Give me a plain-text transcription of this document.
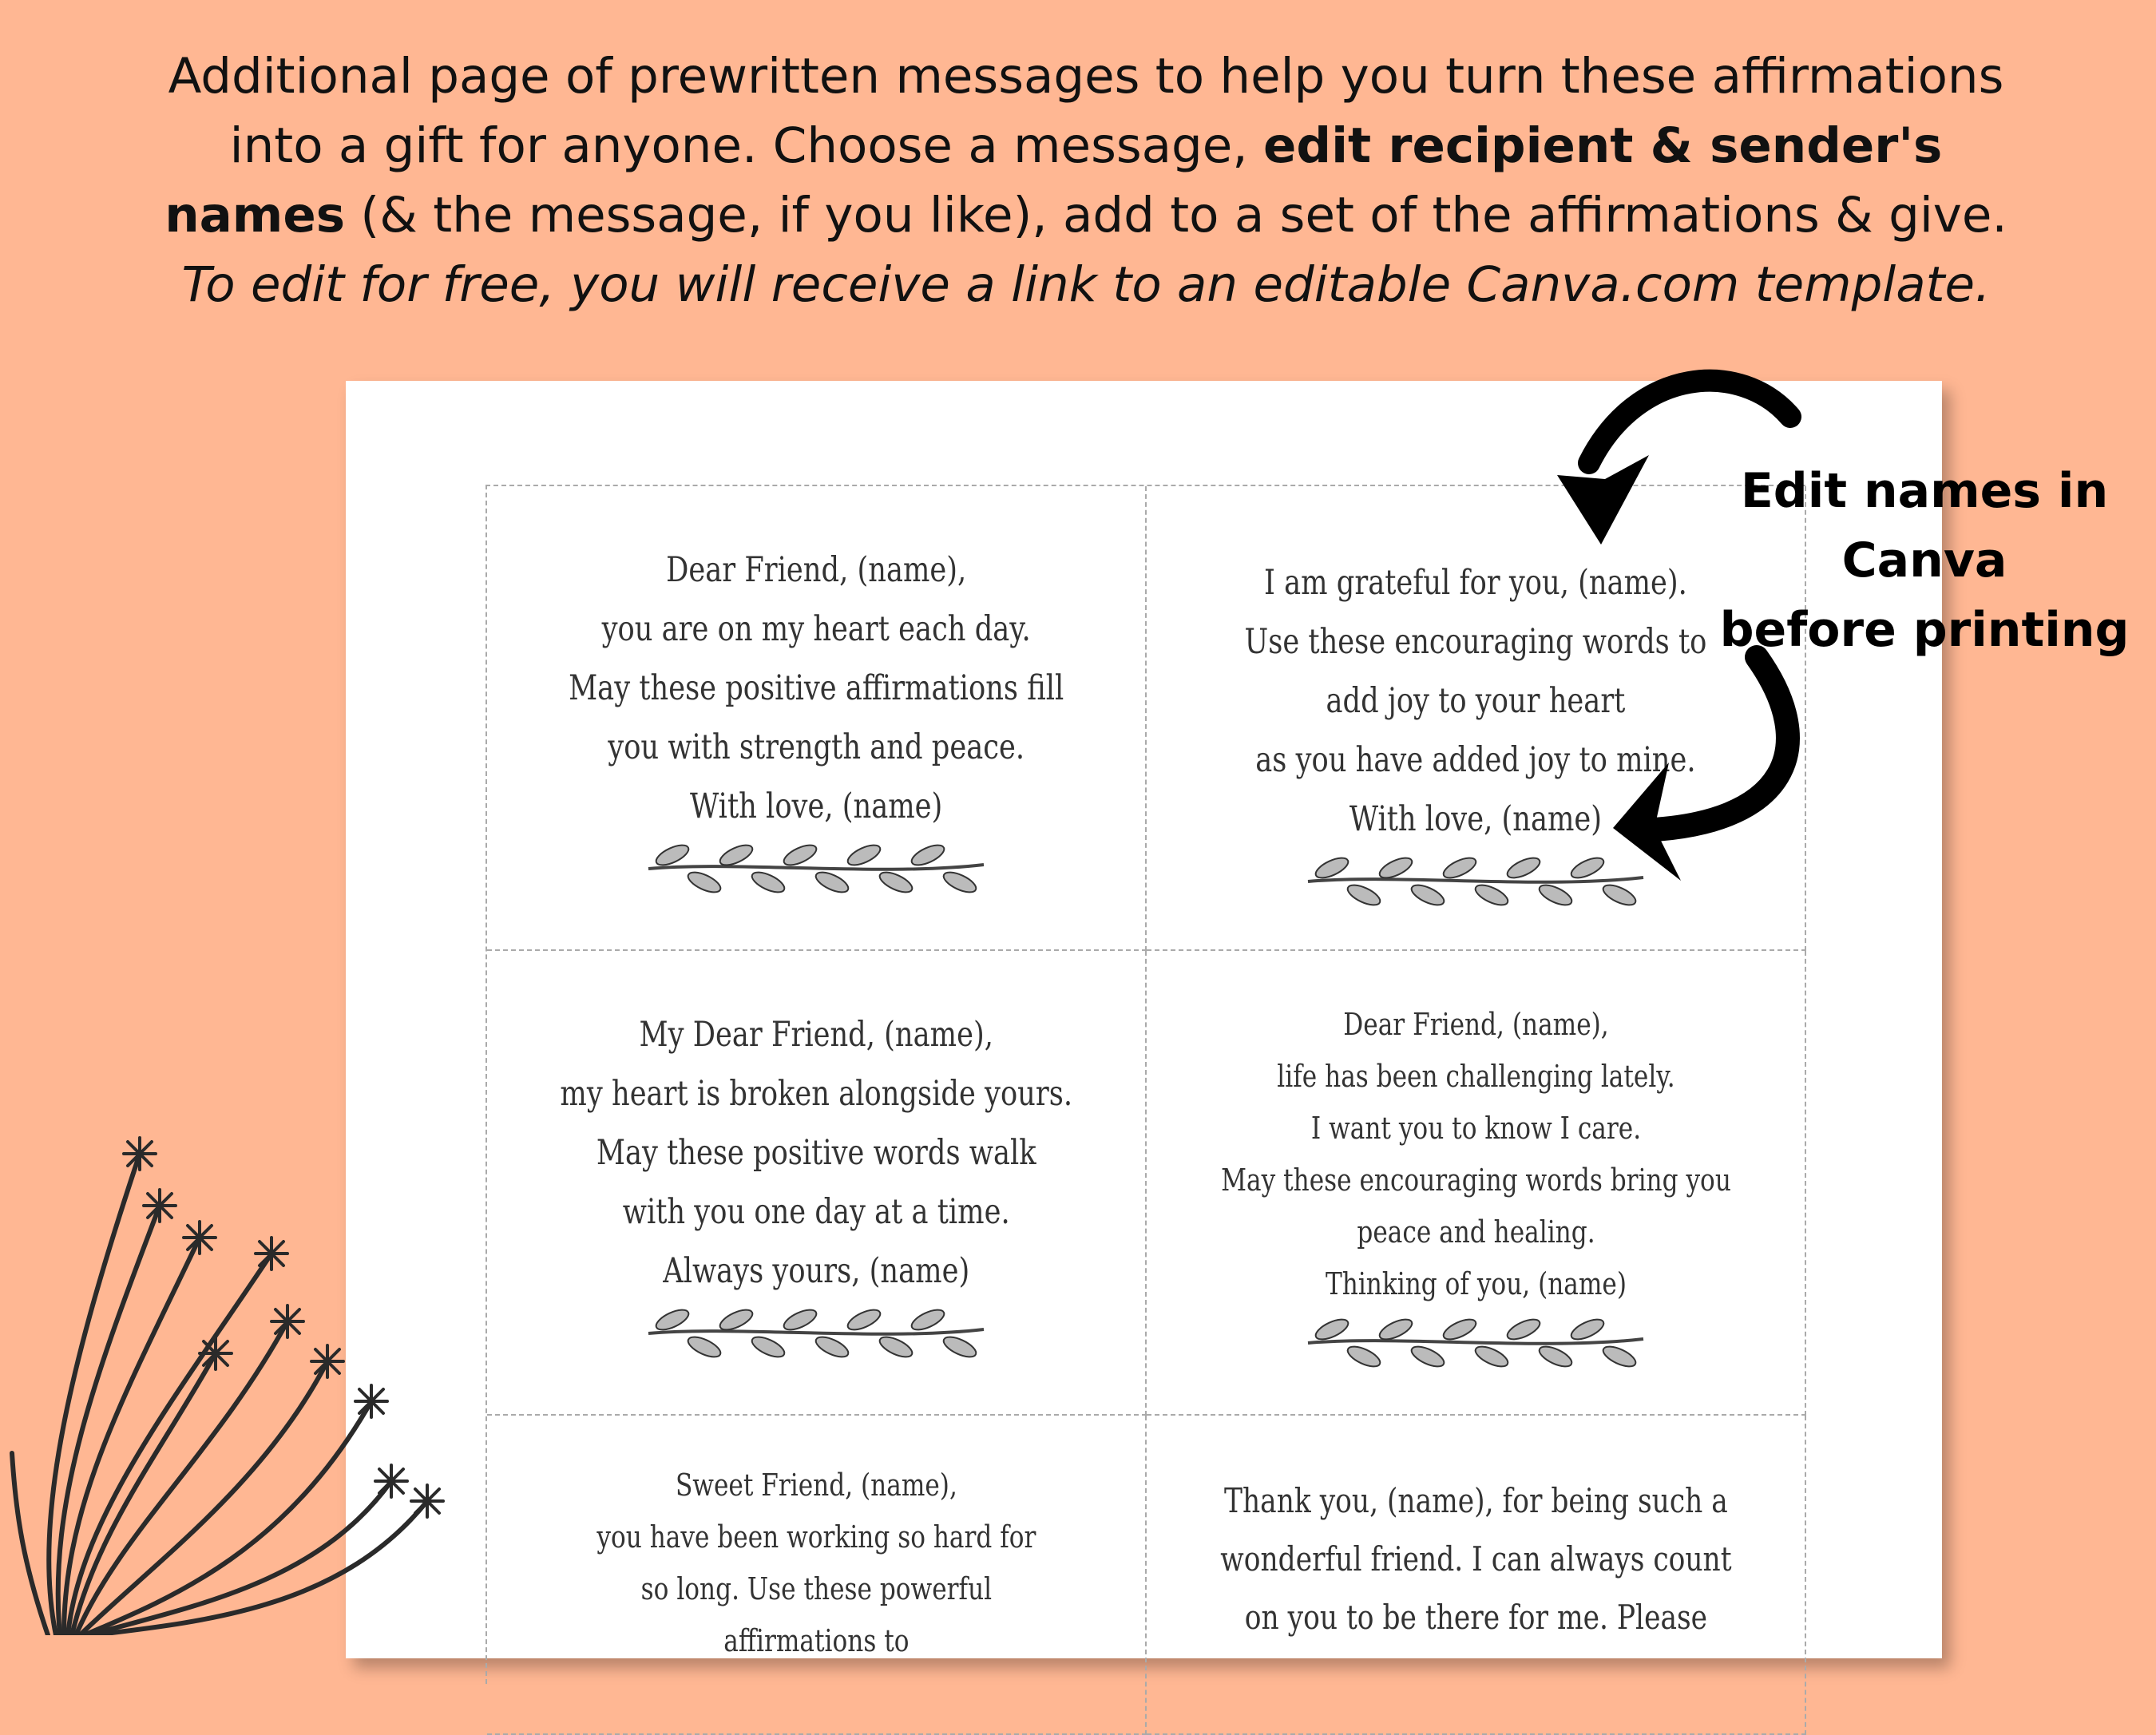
Additional page of prewritten messages to help you turn these affirmations
into a gift for anyone. Choose a message, edit recipient & sender's
names (& the message, if you like), add to a set of the affirmations & give.
To edit for free, you will receive a link to an editable Canva.com template.
Dear Friend, (name),
you are on my heart each day.
May these positive affirmations fill
you with strength and peace.
With love, (name)
I am grateful for you, (name).
Use these encouraging words to
add joy to your heart
as you have added joy to mine.
With love, (name)
My Dear Friend, (name),
my heart is broken alongside yours.
May these positive words walk
with you one day at a time.
Always yours, (name)
Dear Friend, (name),
life has been challenging lately.
I want you to know I care.
May these encouraging words bring you
peace and healing.
Thinking of you, (name)
Sweet Friend, (name),
you have been working so hard for
so long. Use these powerful
affirmations to
Thank you, (name), for being such a
wonderful friend. I can always count
on you to be there for me. Please
Edit names in
Canva
before printing
